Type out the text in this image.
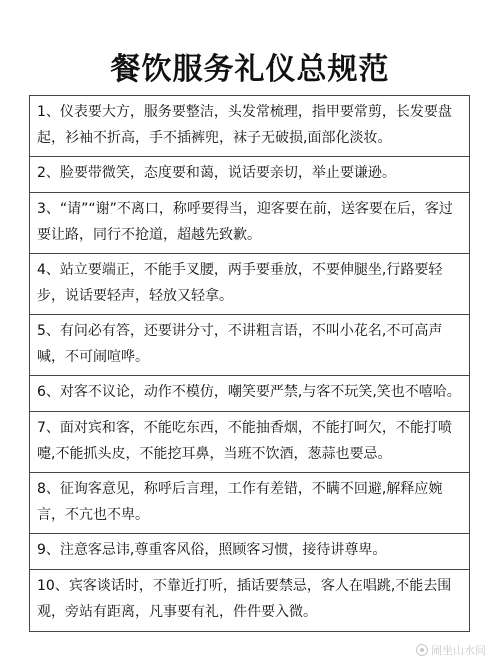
餐饮服务礼仪总规范
1、仪表要大方，服务要整洁，头发常梳理，指甲要常剪，长发要盘起，衫袖不折高，手不插裤兜，袜子无破损,面部化淡妆。
2、脸要带微笑，态度要和蔼，说话要亲切，举止要谦逊。
3、“请”“谢”不离口，称呼要得当，迎客要在前，送客要在后，客过要让路，同行不抢道，超越先致歉。
4、站立要端正，不能手叉腰，两手要垂放，不要伸腿坐,行路要轻步，说话要轻声，轻放又轻拿。
5、有问必有答，还要讲分寸，不讲粗言语，不叫小花名,不可高声喊，不可闹喧哗。
6、对客不议论，动作不模仿，嘲笑要严禁,与客不玩笑,笑也不嘻哈。
7、面对宾和客，不能吃东西，不能抽香烟，不能打呵欠，不能打喷嚏,不能抓头皮，不能挖耳鼻，当班不饮酒，葱蒜也要忌。
8、征询客意见，称呼后言理，工作有差错，不瞒不回避,解释应婉言，不亢也不卑。
9、注意客忌讳,尊重客风俗，照顾客习惯，接待讲尊卑。
10、宾客谈话时，不靠近打听，插话要禁忌，客人在唱跳,不能去围观，旁站有距离，凡事要有礼，件件要入微。
闹坐山水间
